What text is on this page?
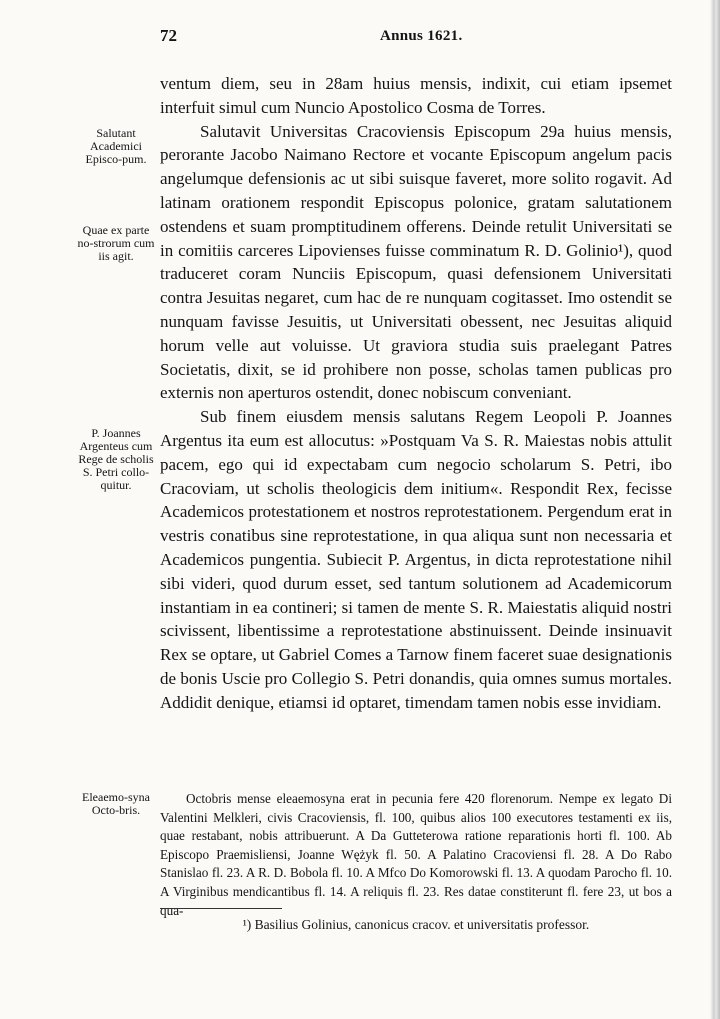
72	Annus 1621.
Salutant Academici Episco-pum.
Quae ex parte no-strorum cum iis agit.
P. Joannes Argenteus cum Rege de scholis S. Petri collo-quitur.
Eleaemo-syna Octo-bris.

ventum diem, seu in 28am huius mensis, indixit, cui etiam ipsemet interfuit simul cum Nuncio Apostolico Cosma de Torres.

Salutavit Universitas Cracoviensis Episcopum 29a huius mensis, perorante Jacobo Naimano Rectore et vocante Episcopum angelum pacis angelumque defensionis ac ut sibi suisque faveret, more solito rogavit. Ad latinam orationem respondit Episcopus polonice, gratam salutationem ostendens et suam promptitudinem offerens. Deinde retulit Universitati se in comitiis carceres Lipovienses fuisse comminatum R. D. Golinio¹), quod traduceret coram Nunciis Episcopum, quasi defensionem Universitati contra Jesuitas negaret, cum hac de re nunquam cogitasset. Imo ostendit se nunquam favisse Jesuitis, ut Universitati obessent, nec Jesuitas aliquid horum velle aut voluisse. Ut graviora studia suis praelegant Patres Societatis, dixit, se id prohibere non posse, scholas tamen publicas pro externis non aperturos ostendit, donec nobiscum conveniant.

Sub finem eiusdem mensis salutans Regem Leopoli P. Joannes Argentus ita eum est allocutus: »Postquam Va S. R. Maiestas nobis attulit pacem, ego qui id expectabam cum negocio scholarum S. Petri, ibo Cracoviam, ut scholis theologicis dem initium«. Respondit Rex, fecisse Academicos protestationem et nostros reprotestationem. Pergendum erat in vestris conatibus sine reprotestatione, in qua aliqua sunt non necessaria et Academicos pungentia. Subiecit P. Argentus, in dicta reprotestatione nihil sibi videri, quod durum esset, sed tantum solutionem ad Academicorum instantiam in ea contineri; si tamen de mente S. R. Maiestatis aliquid nostri scivissent, libentissime a reprotestatione abstinuissent. Deinde insinuavit Rex se optare, ut Gabriel Comes a Tarnow finem faceret suae designationis de bonis Uscie pro Collegio S. Petri donandis, quia omnes sumus mortales. Addidit denique, etiamsi id optaret, timendam tamen nobis esse invidiam.

Octobris mense eleaemosyna erat in pecunia fere 420 florenorum. Nempe ex legato Di Valentini Melkleri, civis Cracoviensis, fl. 100, quibus alios 100 executores testamenti ex iis, quae restabant, nobis attribuerunt. A Da Gutteterowa ratione reparationis horti fl. 100. Ab Episcopo Praemisliensi, Joanne Wężyk fl. 50. A Palatino Cracoviensi fl. 28. A Do Rabo Stanislao fl. 23. A R. D. Bobola fl. 10. A Mfco Do Komorowski fl. 13. A quodam Parocho fl. 10. A Virginibus mendicantibus fl. 14. A reliquis fl. 23. Res datae constiterunt fl. fere 23, ut bos a qua-

¹) Basilius Golinius, canonicus cracov. et universitatis professor.
